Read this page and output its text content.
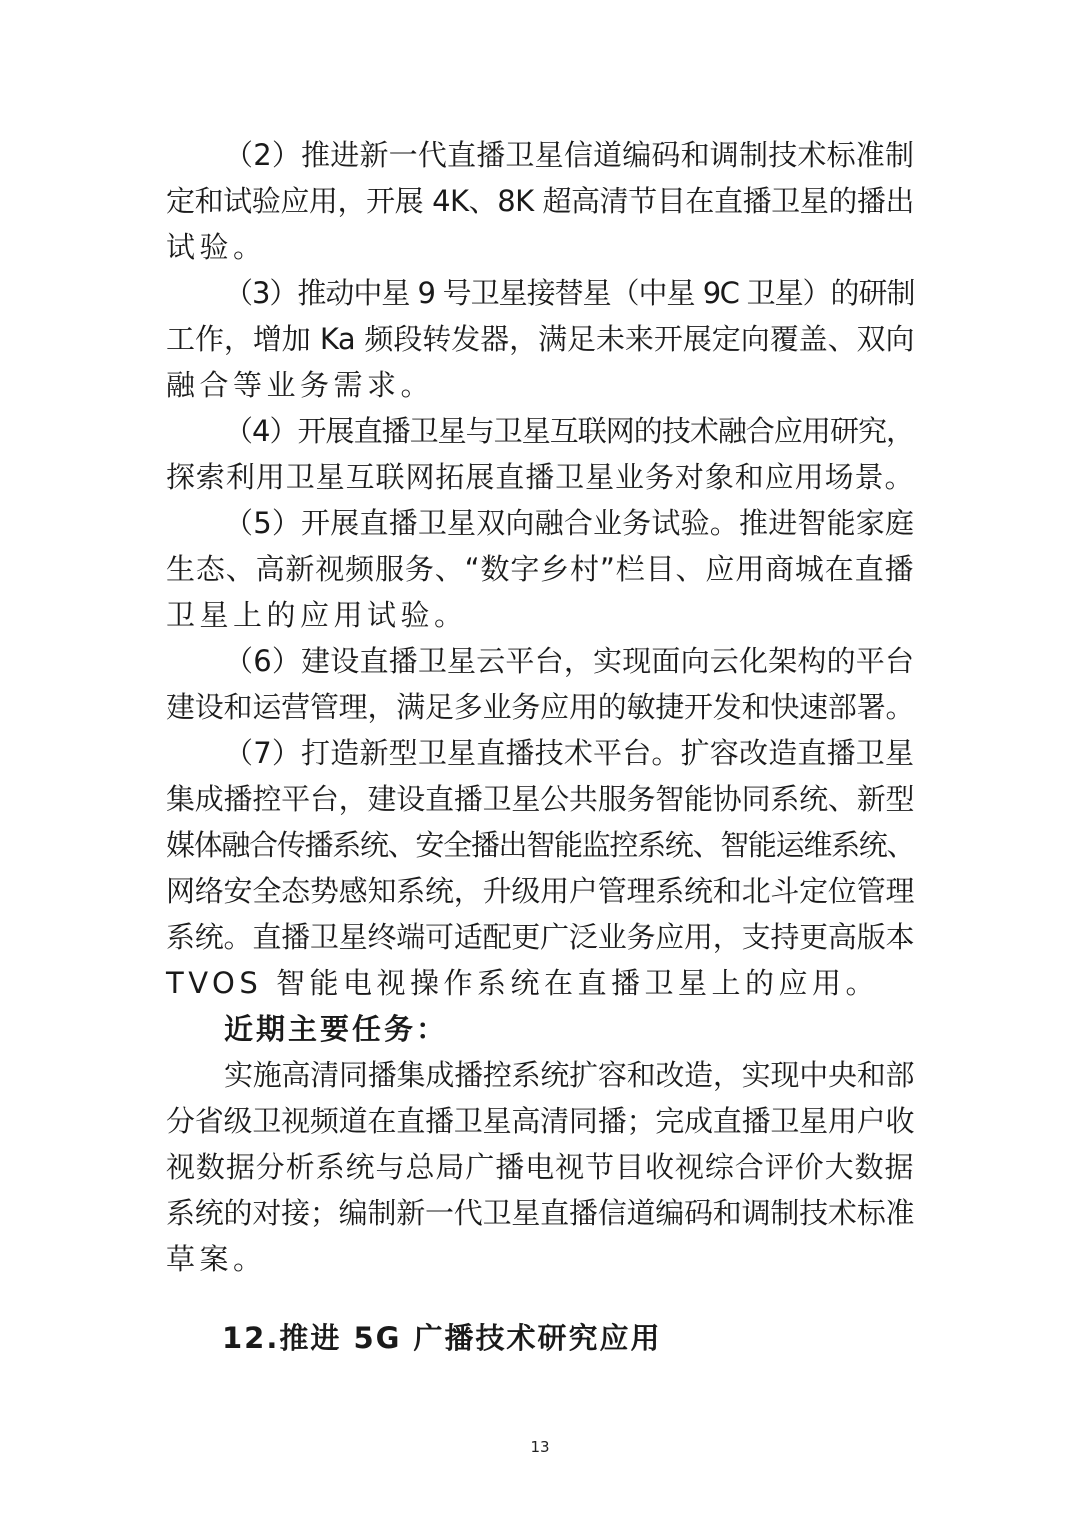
（2）推进新一代直播卫星信道编码和调制技术标准制
定和试验应用，开展 4K、8K 超高清节目在直播卫星的播出
试验。
（3）推动中星 9 号卫星接替星（中星 9C 卫星）的研制
工作，增加 Ka 频段转发器，满足未来开展定向覆盖、双向
融合等业务需求。
（4）开展直播卫星与卫星互联网的技术融合应用研究，
探索利用卫星互联网拓展直播卫星业务对象和应用场景。
（5）开展直播卫星双向融合业务试验。推进智能家庭
生态、高新视频服务、“数字乡村”栏目、应用商城在直播
卫星上的应用试验。
（6）建设直播卫星云平台，实现面向云化架构的平台
建设和运营管理，满足多业务应用的敏捷开发和快速部署。
（7）打造新型卫星直播技术平台。扩容改造直播卫星
集成播控平台，建设直播卫星公共服务智能协同系统、新型
媒体融合传播系统、安全播出智能监控系统、智能运维系统、
网络安全态势感知系统，升级用户管理系统和北斗定位管理
系统。直播卫星终端可适配更广泛业务应用，支持更高版本
TVOS 智能电视操作系统在直播卫星上的应用。
近期主要任务：
实施高清同播集成播控系统扩容和改造，实现中央和部
分省级卫视频道在直播卫星高清同播；完成直播卫星用户收
视数据分析系统与总局广播电视节目收视综合评价大数据
系统的对接；编制新一代卫星直播信道编码和调制技术标准
草案。
12.推进 5G 广播技术研究应用
13
